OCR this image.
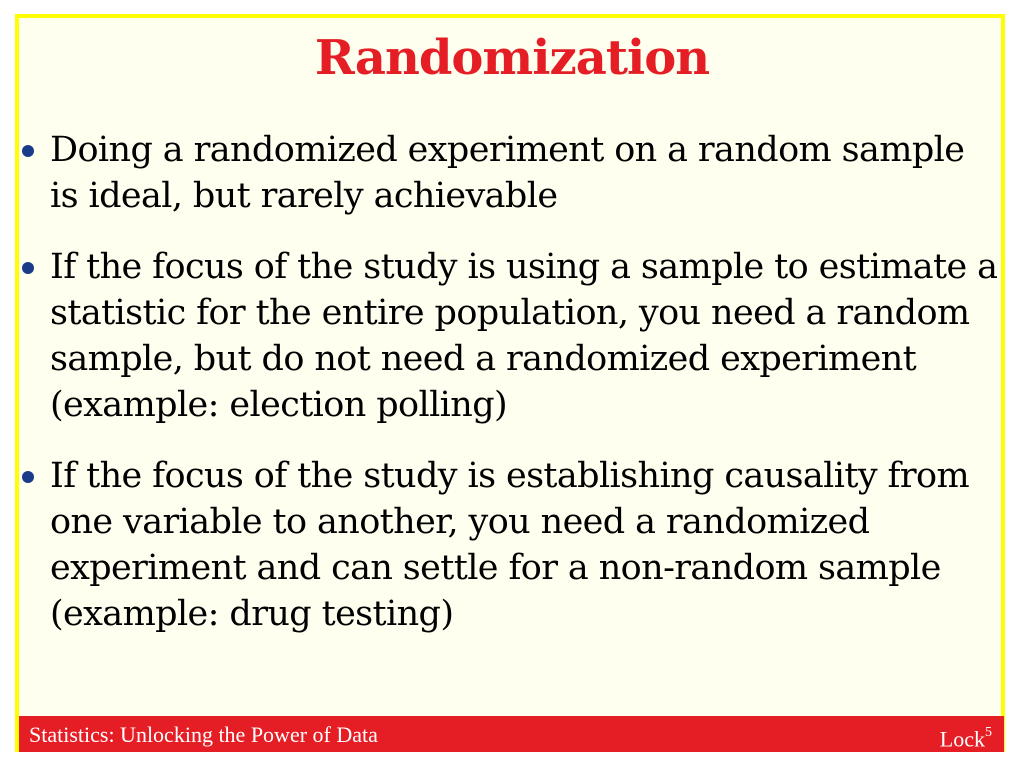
Randomization
Doing a randomized experiment on a random sample is ideal, but rarely achievable
If the focus of the study is using a sample to estimate a statistic for the entire population, you need a random sample, but do not need a randomized experiment (example: election polling)
If the focus of the study is establishing causality from one variable to another, you need a randomized experiment and can settle for a non-random sample (example: drug testing)
Statistics: Unlocking the Power of Data	Lock$^5$
